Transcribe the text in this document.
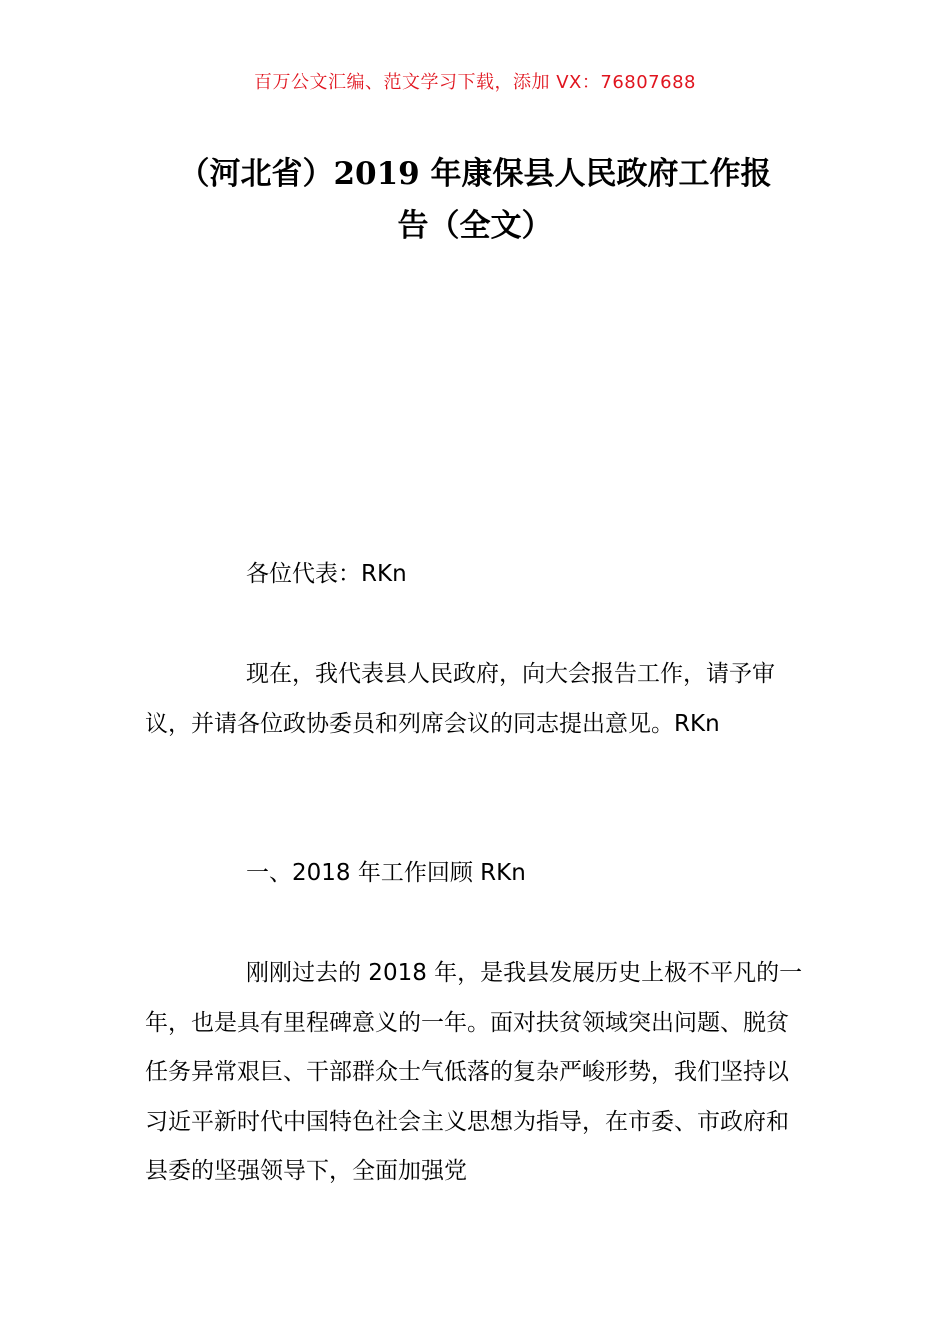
百万公文汇编、范文学习下载，添加 VX：76807688
（河北省）2019 年康保县人民政府工作报
告（全文）

各位代表：RKn

现在，我代表县人民政府，向大会报告工作，请予审议，并请各位政协委员和列席会议的同志提出意见。RKn

一、2018 年工作回顾 RKn

刚刚过去的 2018 年，是我县发展历史上极不平凡的一年，也是具有里程碑意义的一年。面对扶贫领域突出问题、脱贫任务异常艰巨、干部群众士气低落的复杂严峻形势，我们坚持以习近平新时代中国特色社会主义思想为指导，在市委、市政府和县委的坚强领导下，全面加强党
